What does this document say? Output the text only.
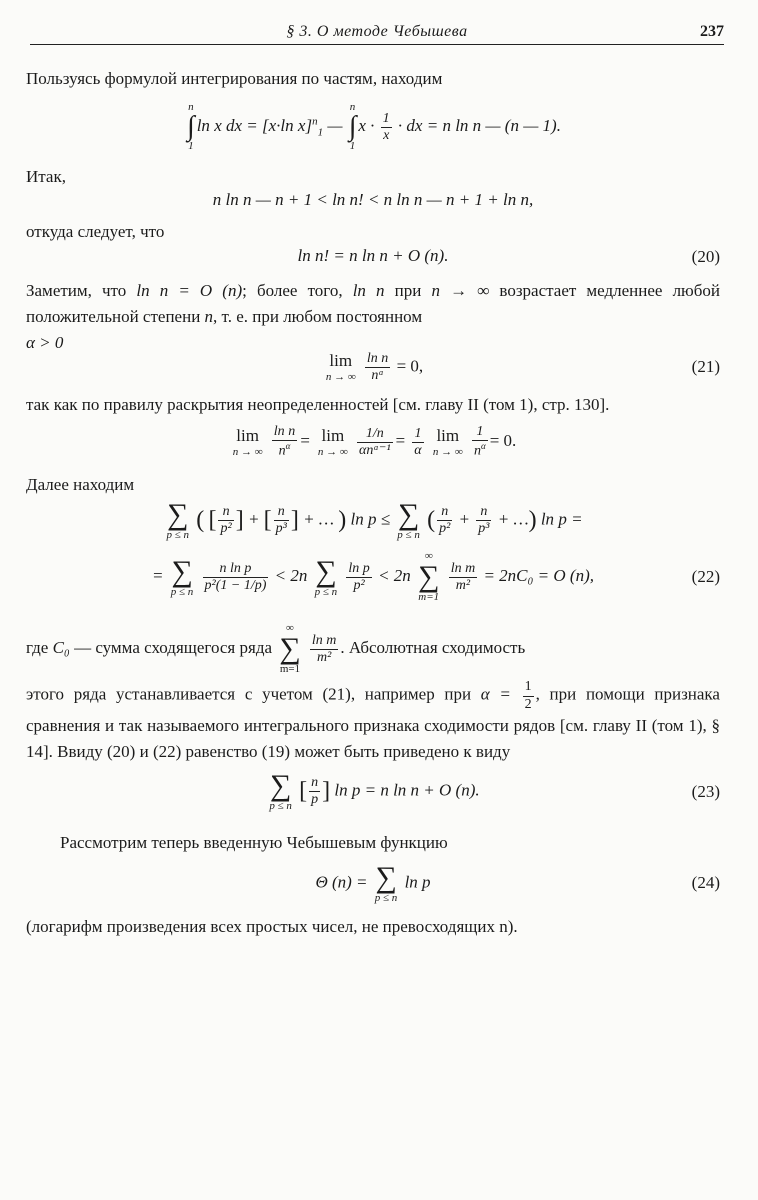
§ 3. О методе Чебышева	237

Пользуясь формулой интегрирования по частям, находим

n
∫
1
ln x dx = [x·ln x]$^n_1$ —
n
∫
1
$x \cdot \frac{1}{x}$ · dx = n ln n — (n — 1).

Итак,

n ln n — n + 1 < ln n! < n ln n — n + 1 + ln n,

откуда следует, что

ln n! = n ln n + O (n).	(20)

Заметим, что ln n = O (n); более того, ln n при n → ∞ возрастает медленнее любой положительной степени n, т. е. при любом постоянном
α > 0

lim
n → ∞
$\frac{\text{ln n}}{\text{nᵅ}} = 0$,	(21)

так как по правилу раскрытия неопределенностей [см. главу II (том 1), стр. 130].

lim
n → ∞
$\frac{\text{ln n}}{n^\alpha} = \lim$
n → ∞
$\frac{1/n}{\text{αnᵅ⁻¹}} = \frac{1}{\alpha}$
lim
n → ∞
$\frac{1}{n^\alpha} = 0$.

Далее находим

∑
p ≤ n
( [ $\frac{n}{\text{p²}}$ ] + [ $\frac{n}{\text{p³}}$ ] + … ) ln p ≤ ∑
p ≤ n
( $\frac{n}{\text{p²}} + \frac{n}{\text{p³}}$ + …) ln p =
= ∑
p ≤ n
$\frac{\text{n ln p}}{\text{p²(1 − 1/p)}} < 2n$ ∑
p ≤ n
$\frac{\text{ln p}}{\text{p²}} < 2n$
∞
∑
m=1

$\frac{\text{ln m}}{\text{m²}} = 2nC_0 = O$ (n),	(22)

где C₀ — сумма сходящегося ряда
∞
∑
m=1

$\frac{\text{ln m}}{\text{m²}}$ . Абсолютная сходимость

этого ряда устанавливается с учетом (21), например при $\alpha = \frac{1}{2}$ , при помощи признака сравнения и так называемого интегрального признака сходимости рядов [см. главу II (том 1), § 14]. Ввиду (20) и (22) равенство (19) может быть приведено к виду

∑
p ≤ n
[ $\frac{n}{p}$ ] ln p = n ln n + O (n).	(23)

Рассмотрим теперь введенную Чебышевым функцию

Θ (n) = ∑
p ≤ n
ln p	(24)

(логарифм произведения всех простых чисел, не превосходящих n).
